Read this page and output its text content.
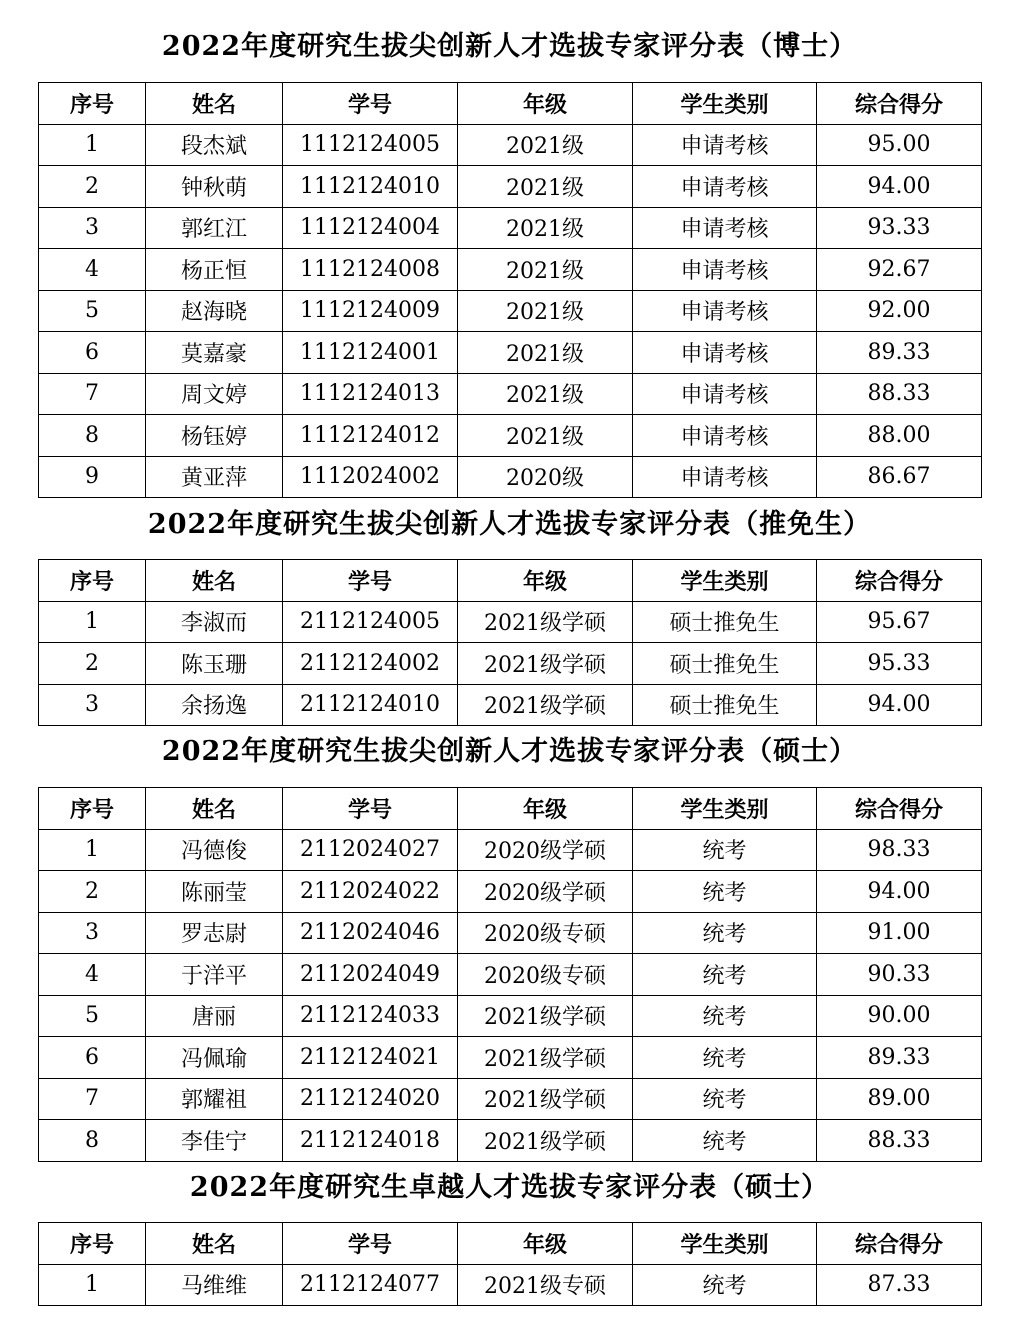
2022年度研究生拔尖创新人才选拔专家评分表（博士）
序号	姓名	学号	年级	学生类别	综合得分
1	段杰斌	1112124005	2021级	申请考核	95.00
2	钟秋萌	1112124010	2021级	申请考核	94.00
3	郭红江	1112124004	2021级	申请考核	93.33
4	杨正恒	1112124008	2021级	申请考核	92.67
5	赵海晓	1112124009	2021级	申请考核	92.00
6	莫嘉豪	1112124001	2021级	申请考核	89.33
7	周文婷	1112124013	2021级	申请考核	88.33
8	杨钰婷	1112124012	2021级	申请考核	88.00
9	黄亚萍	1112024002	2020级	申请考核	86.67
2022年度研究生拔尖创新人才选拔专家评分表（推免生）
序号	姓名	学号	年级	学生类别	综合得分
1	李淑而	2112124005	2021级学硕	硕士推免生	95.67
2	陈玉珊	2112124002	2021级学硕	硕士推免生	95.33
3	余扬逸	2112124010	2021级学硕	硕士推免生	94.00
2022年度研究生拔尖创新人才选拔专家评分表（硕士）
序号	姓名	学号	年级	学生类别	综合得分
1	冯德俊	2112024027	2020级学硕	统考	98.33
2	陈丽莹	2112024022	2020级学硕	统考	94.00
3	罗志尉	2112024046	2020级专硕	统考	91.00
4	于洋平	2112024049	2020级专硕	统考	90.33
5	唐丽	2112124033	2021级学硕	统考	90.00
6	冯佩瑜	2112124021	2021级学硕	统考	89.33
7	郭耀祖	2112124020	2021级学硕	统考	89.00
8	李佳宁	2112124018	2021级学硕	统考	88.33
2022年度研究生卓越人才选拔专家评分表（硕士）
序号	姓名	学号	年级	学生类别	综合得分
1	马维维	2112124077	2021级专硕	统考	87.33
